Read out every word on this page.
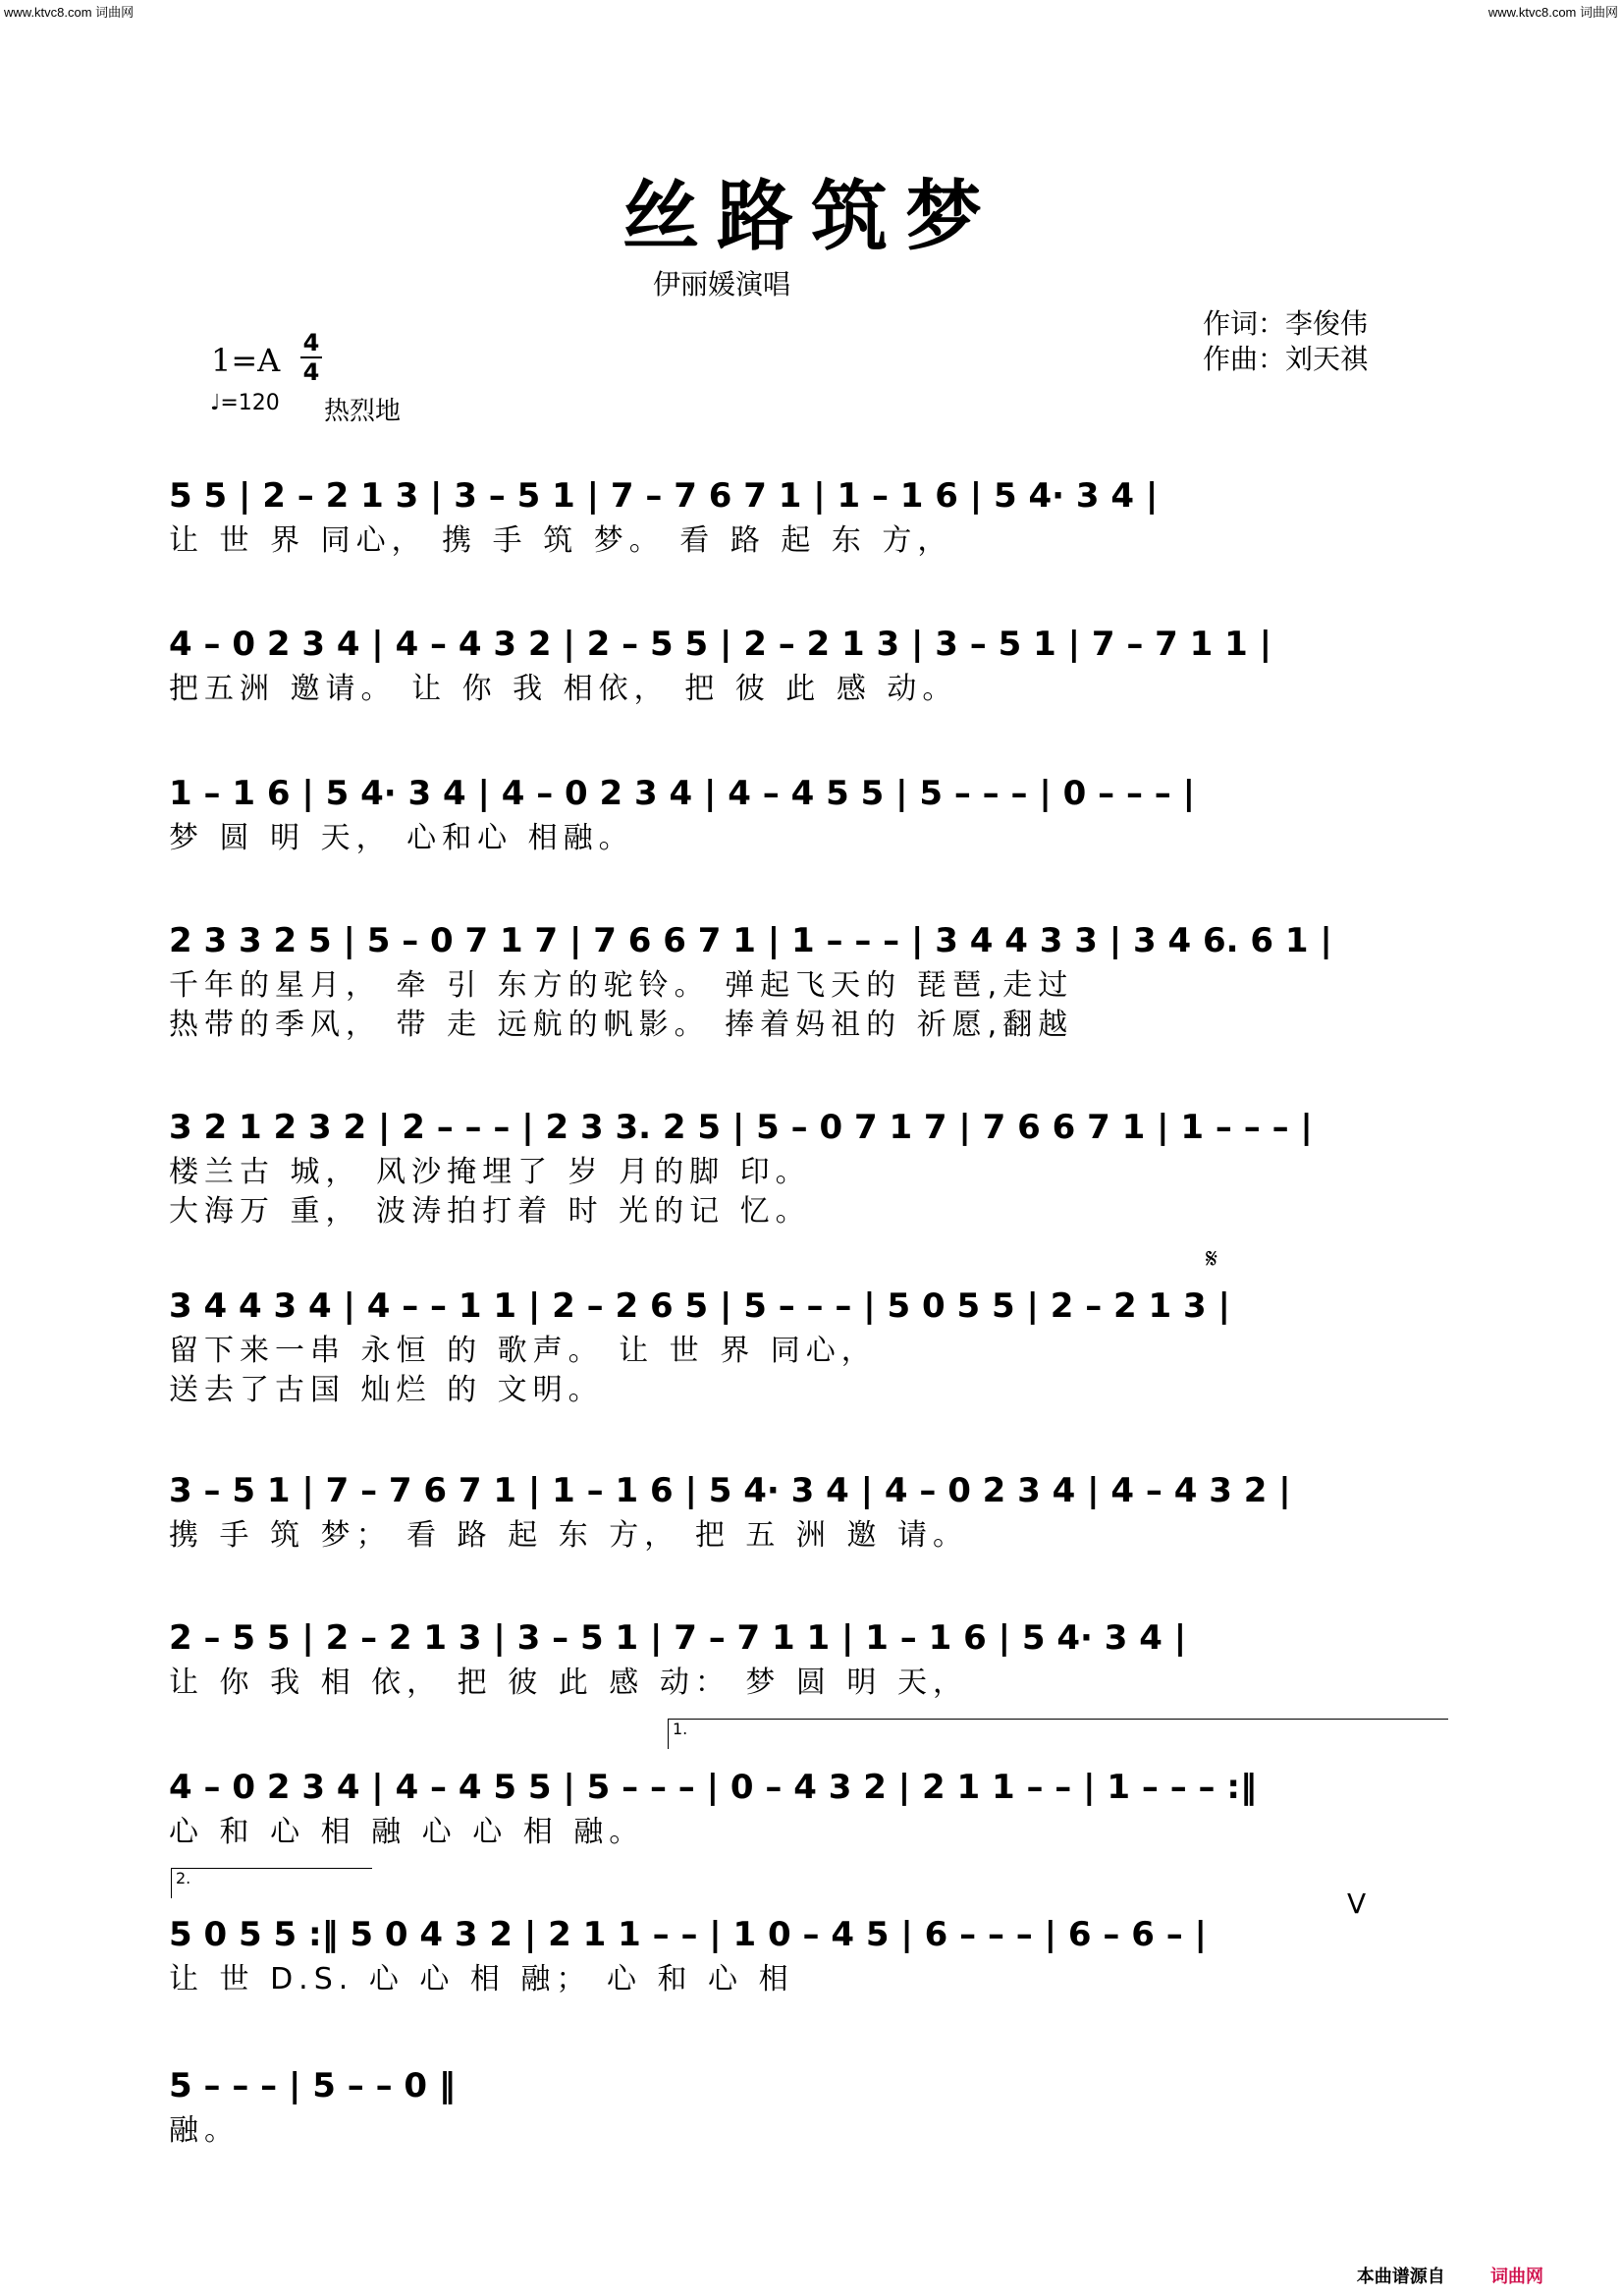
www.ktvc8.com 词曲网	www.ktvc8.com 词曲网
丝路筑梦
伊丽媛演唱
作词：李俊伟
作曲：刘天祺
1=A 4
4
♩=120 热烈地
5 5 | 2 – 2 1 3 | 3 – 5 1 | 7 – 7 6 7 1 | 1 – 1 6 | 5 4· 3 4 |
让 世 界 同心， 携 手 筑 梦。 看 路 起 东 方，
4 – 0 2 3 4 | 4 – 4 3 2 | 2 – 5 5 | 2 – 2 1 3 | 3 – 5 1 | 7 – 7 1 1 |
把五洲 邀请。 让 你 我 相依， 把 彼 此 感 动。
1 – 1 6 | 5 4· 3 4 | 4 – 0 2 3 4 | 4 – 4 5 5 | 5 – – – | 0 – – – |
梦 圆 明 天， 心和心 相融。
2 3 3 2 5 | 5 – 0 7 1 7 | 7 6 6 7 1 | 1 – – – | 3 4 4 3 3 | 3 4 6. 6 1 |
千年的星月， 牵 引 东方的驼铃。 弹起飞天的 琵琶,走过
热带的季风， 带 走 远航的帆影。 捧着妈祖的 祈愿,翻越
3 2 1 2 3 2 | 2 – – – | 2 3 3. 2 5 | 5 – 0 7 1 7 | 7 6 6 7 1 | 1 – – – |
楼兰古 城， 风沙掩埋了 岁 月的脚 印。
大海万 重， 波涛拍打着 时 光的记 忆。
𝄋
3 4 4 3 4 | 4 – – 1 1 | 2 – 2 6 5 | 5 – – – | 5 0 5 5 | 2 – 2 1 3 |
留下来一串 永恒 的 歌声。 让 世 界 同心，
送去了古国 灿烂 的 文明。
3 – 5 1 | 7 – 7 6 7 1 | 1 – 1 6 | 5 4· 3 4 | 4 – 0 2 3 4 | 4 – 4 3 2 |
携 手 筑 梦； 看 路 起 东 方， 把 五 洲 邀 请。
2 – 5 5 | 2 – 2 1 3 | 3 – 5 1 | 7 – 7 1 1 | 1 – 1 6 | 5 4· 3 4 |
让 你 我 相 依， 把 彼 此 感 动： 梦 圆 明 天，
1.
4 – 0 2 3 4 | 4 – 4 5 5 | 5 – – – | 0 – 4 3 2 | 2 1 1 – – | 1 – – – :‖
心 和 心 相 融 心 心 相 融。
2.
V
5 0 5 5 :‖ 5 0 4 3 2 | 2 1 1 – – | 1 0 – 4 5 | 6 – – – | 6 – 6 – |
让 世 D.S. 心 心 相 融； 心 和 心 相
5 – – – | 5 – – 0 ‖
融。
本曲谱源自	词曲网
